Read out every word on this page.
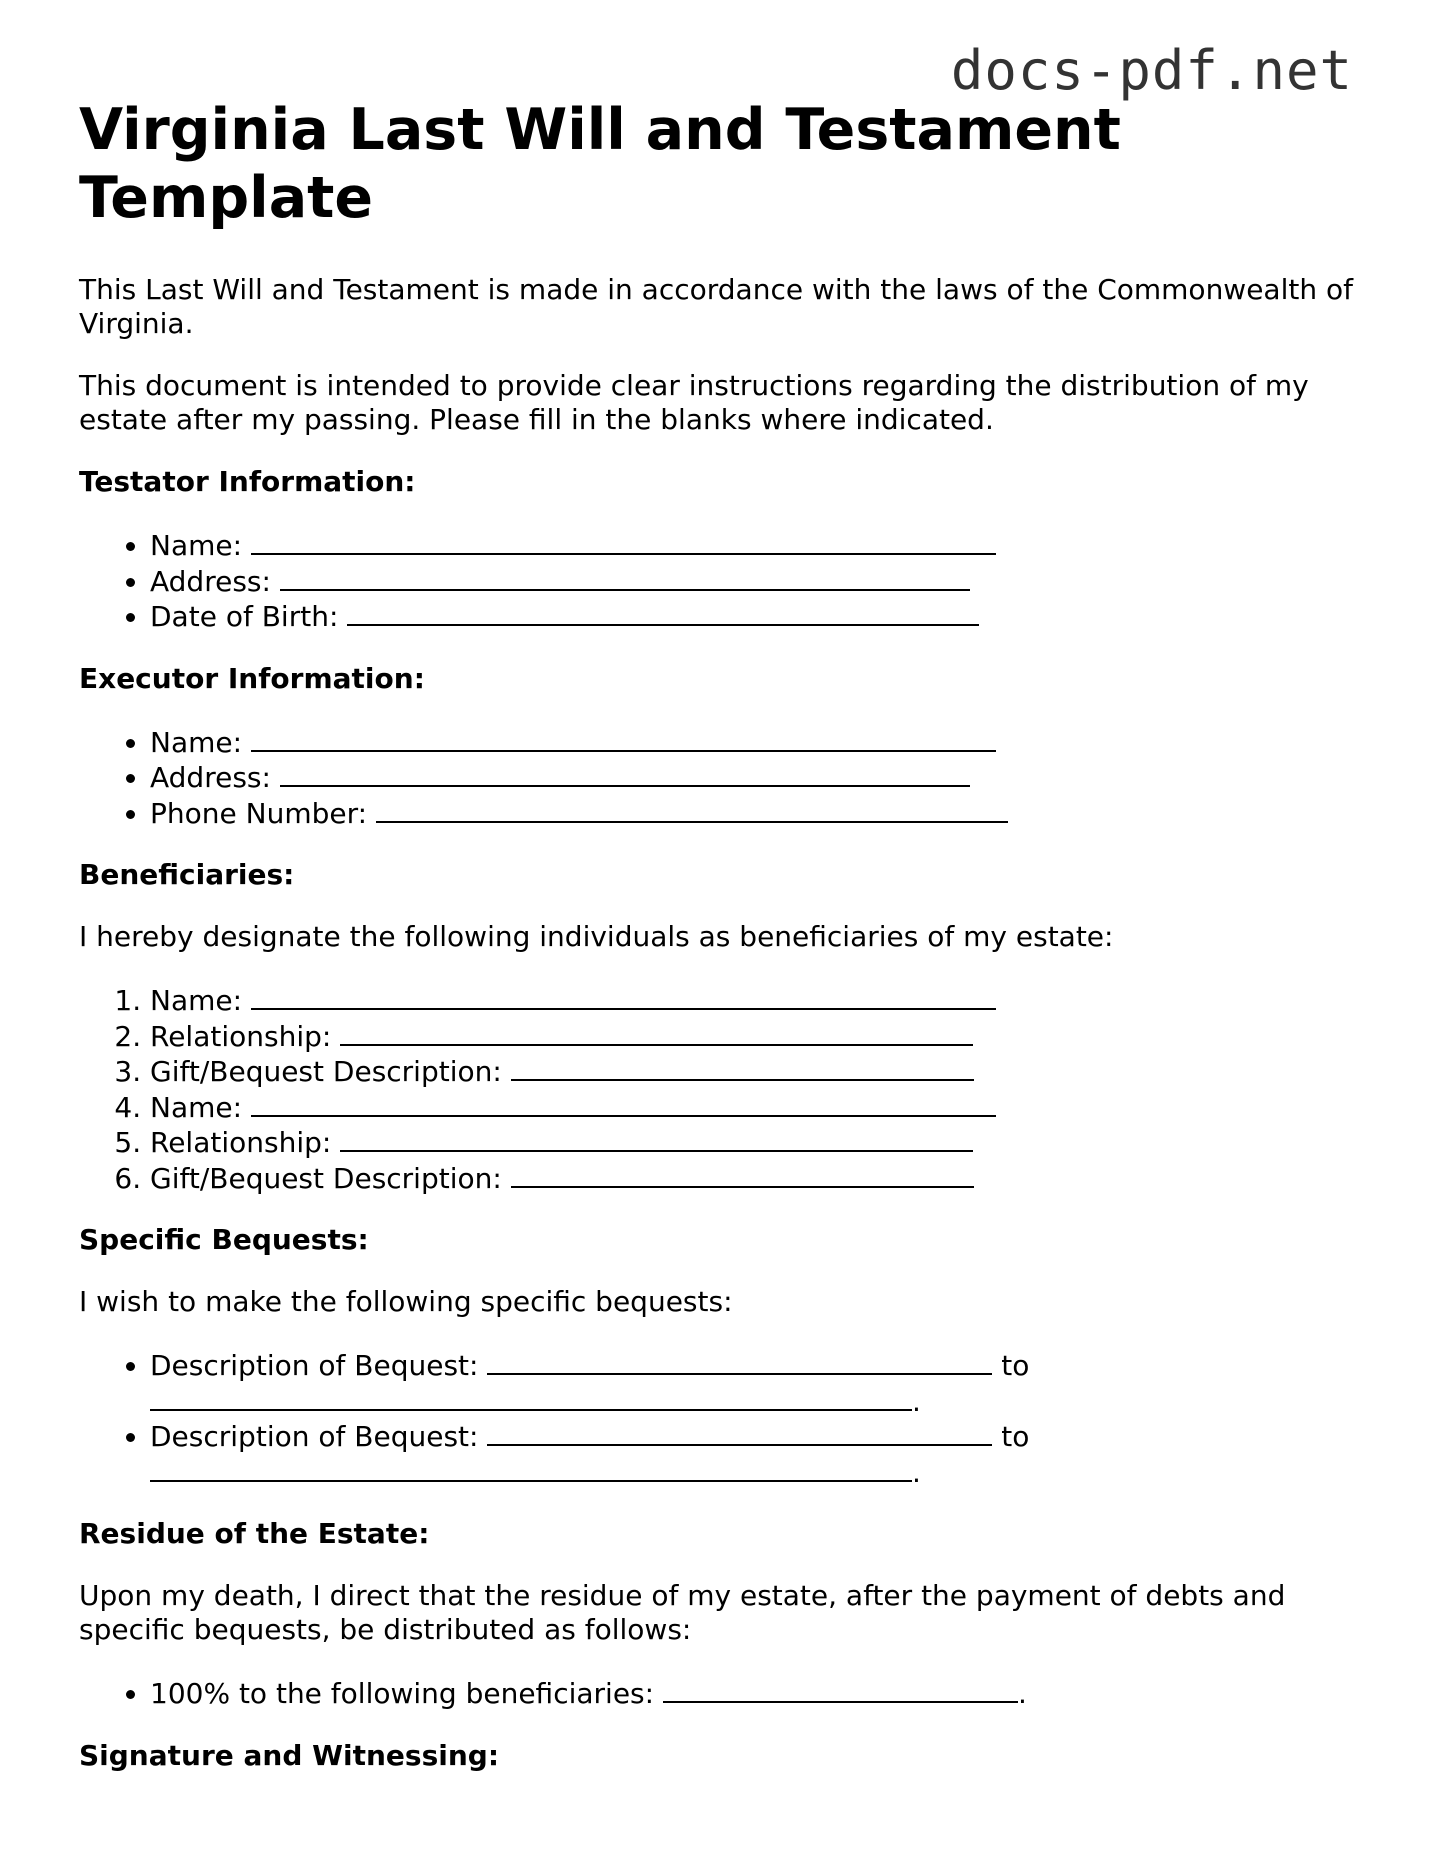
docs-pdf.net
Virginia Last Will and Testament Template

This Last Will and Testament is made in accordance with the laws of the Commonwealth of Virginia.

This document is intended to provide clear instructions regarding the distribution of my estate after my passing. Please fill in the blanks where indicated.

Testator Information:
• Name:
• Address:
• Date of Birth:
Executor Information:
• Name:
• Address:
• Phone Number:
Beneficiaries:

I hereby designate the following individuals as beneficiaries of my estate:

1. Name:
2. Relationship:
3. Gift/Bequest Description:
4. Name:
5. Relationship:
6. Gift/Bequest Description:
Specific Bequests:

I wish to make the following specific bequests:

• Description of Bequest:	to
.
• Description of Bequest:	to
.
Residue of the Estate:

Upon my death, I direct that the residue of my estate, after the payment of debts and specific bequests, be distributed as follows:

• 100% to the following beneficiaries:	.
Signature and Witnessing:
